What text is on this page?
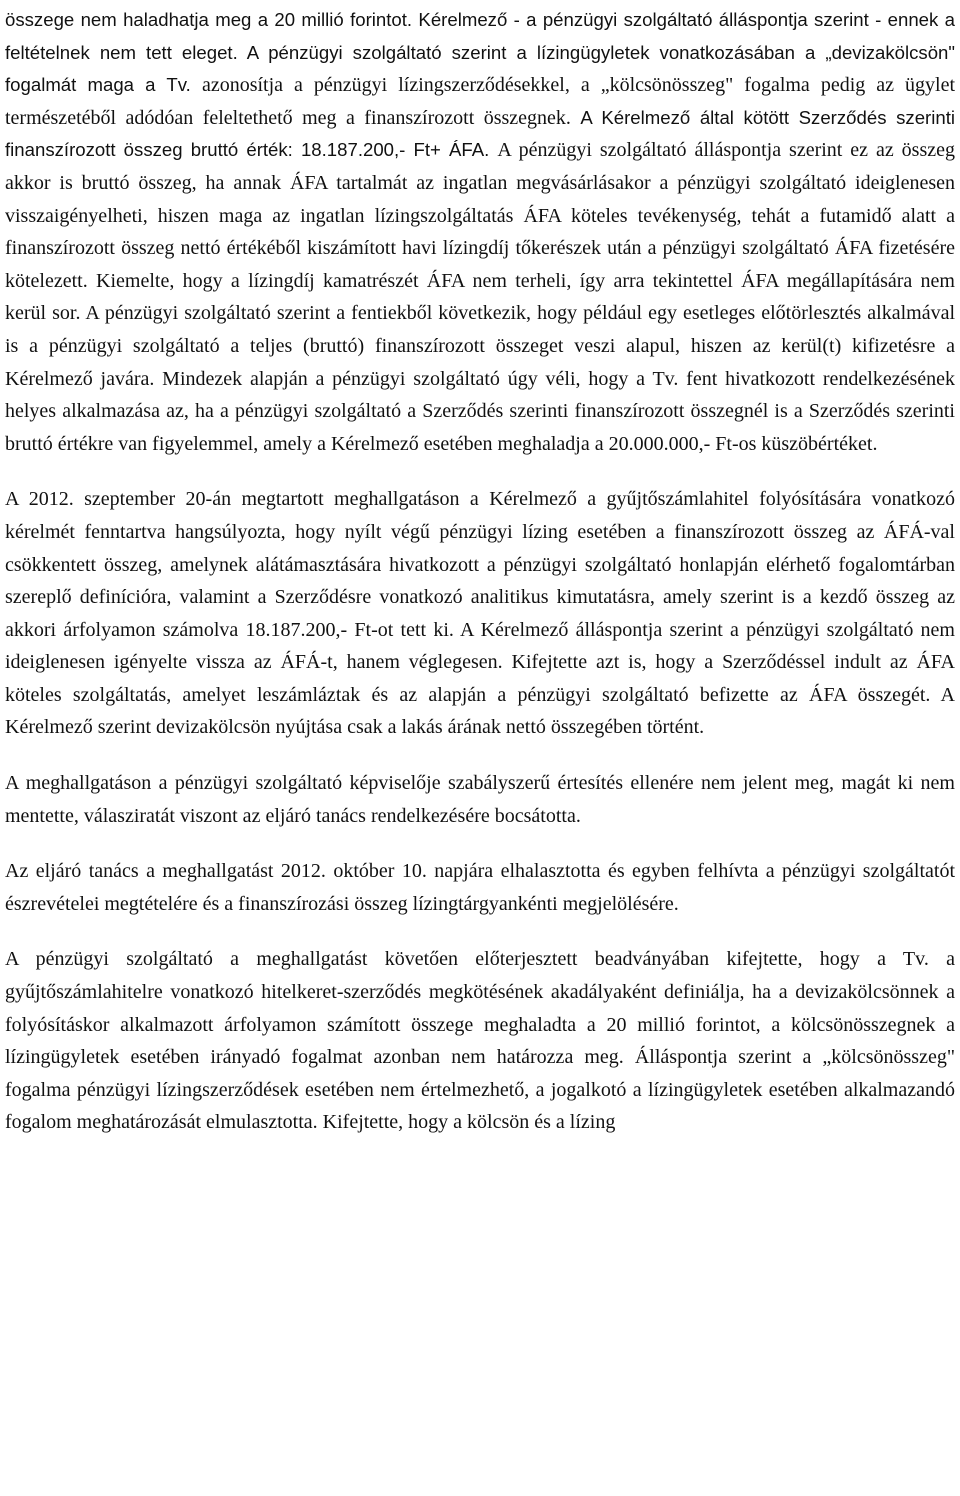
összege nem haladhatja meg a 20 millió forintot. Kérelmező - a pénzügyi szolgáltató álláspontja szerint - ennek a feltételnek nem tett eleget. A pénzügyi szolgáltató szerint a lízingügyletek vonatkozásában a „devizakölcsön" fogalmát maga a Tv. azonosítja a pénzügyi lízingszerződésekkel, a „kölcsönösszeg" fogalma pedig az ügylet természetéből adódóan feleltethető meg a finanszírozott összegnek. A Kérelmező által kötött Szerződés szerinti finanszírozott összeg bruttó érték: 18.187.200,- Ft+ ÁFA. A pénzügyi szolgáltató álláspontja szerint ez az összeg akkor is bruttó összeg, ha annak ÁFA tartalmát az ingatlan megvásárlásakor a pénzügyi szolgáltató ideiglenesen visszaigényelheti, hiszen maga az ingatlan lízingszolgáltatás ÁFA köteles tevékenység, tehát a futamidő alatt a finanszírozott összeg nettó értékéből kiszámított havi lízingdíj tőkerészek után a pénzügyi szolgáltató ÁFA fizetésére kötelezett. Kiemelte, hogy a lízingdíj kamatrészét ÁFA nem terheli, így arra tekintettel ÁFA megállapítására nem kerül sor. A pénzügyi szolgáltató szerint a fentiekből következik, hogy például egy esetleges előtörlesztés alkalmával is a pénzügyi szolgáltató a teljes (bruttó) finanszírozott összeget veszi alapul, hiszen az kerül(t) kifizetésre a Kérelmező javára. Mindezek alapján a pénzügyi szolgáltató úgy véli, hogy a Tv. fent hivatkozott rendelkezésének helyes alkalmazása az, ha a pénzügyi szolgáltató a Szerződés szerinti finanszírozott összegnél is a Szerződés szerinti bruttó értékre van figyelemmel, amely a Kérelmező esetében meghaladja a 20.000.000,- Ft-os küszöbértéket.

A 2012. szeptember 20-án megtartott meghallgatáson a Kérelmező a gyűjtőszámlahitel folyósítására vonatkozó kérelmét fenntartva hangsúlyozta, hogy nyílt végű pénzügyi lízing esetében a finanszírozott összeg az ÁFÁ-val csökkentett összeg, amelynek alátámasztására hivatkozott a pénzügyi szolgáltató honlapján elérhető fogalomtárban szereplő definícióra, valamint a Szerződésre vonatkozó analitikus kimutatásra, amely szerint is a kezdő összeg az akkori árfolyamon számolva 18.187.200,- Ft-ot tett ki. A Kérelmező álláspontja szerint a pénzügyi szolgáltató nem ideiglenesen igényelte vissza az ÁFÁ-t, hanem véglegesen. Kifejtette azt is, hogy a Szerződéssel indult az ÁFA köteles szolgáltatás, amelyet leszámláztak és az alapján a pénzügyi szolgáltató befizette az ÁFA összegét. A Kérelmező szerint devizakölcsön nyújtása csak a lakás árának nettó összegében történt.

A meghallgatáson a pénzügyi szolgáltató képviselője szabályszerű értesítés ellenére nem jelent meg, magát ki nem mentette, válasziratát viszont az eljáró tanács rendelkezésére bocsátotta.

Az eljáró tanács a meghallgatást 2012. október 10. napjára elhalasztotta és egyben felhívta a pénzügyi szolgáltatót észrevételei megtételére és a finanszírozási összeg lízingtárgyankénti megjelölésére.

A pénzügyi szolgáltató a meghallgatást követően előterjesztett beadványában kifejtette, hogy a Tv. a gyűjtőszámlahitelre vonatkozó hitelkeret-szerződés megkötésének akadályaként definiálja, ha a devizakölcsönnek a folyósításkor alkalmazott árfolyamon számított összege meghaladta a 20 millió forintot, a kölcsönösszegnek a lízingügyletek esetében irányadó fogalmat azonban nem határozza meg. Álláspontja szerint a „kölcsönösszeg" fogalma pénzügyi lízingszerződések esetében nem értelmezhető, a jogalkotó a lízingügyletek esetében alkalmazandó fogalom meghatározását elmulasztotta. Kifejtette, hogy a kölcsön és a lízing
